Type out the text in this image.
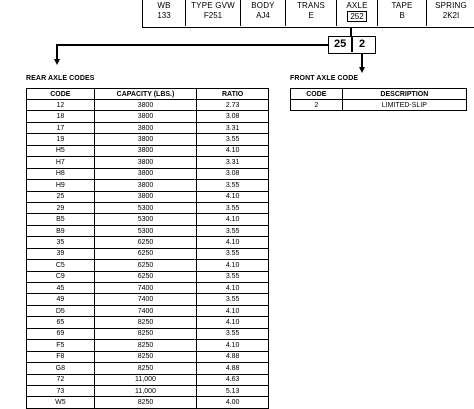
WB
133
TYPE GVW
F251
BODY
AJ4
TRANS
E
AXLE
252
TAPE
B
SPRING
2K2I
25 2
REAR AXLE CODES	FRONT AXLE CODE
CODE	CAPACITY (LBS.)	RATIO
12	3800	2.73
18	3800	3.08
17	3800	3.31
19	3800	3.55
H5	3800	4.10
H7	3800	3.31
H8	3800	3.08
H9	3800	3.55
25	3800	4.10
29	5300	3.55
B5	5300	4.10
B9	5300	3.55
35	6250	4.10
39	6250	3.55
C5	6250	4.10
C9	6250	3.55
45	7400	4.10
49	7400	3.55
D5	7400	4.10
65	8250	4.10
69	8250	3.55
F5	8250	4.10
F8	8250	4.88
G8	8250	4.88
72	11,000	4.63
73	11,000	5.13
W5	8250	4.00
CODE	DESCRIPTION
2	LIMITED-SLIP
